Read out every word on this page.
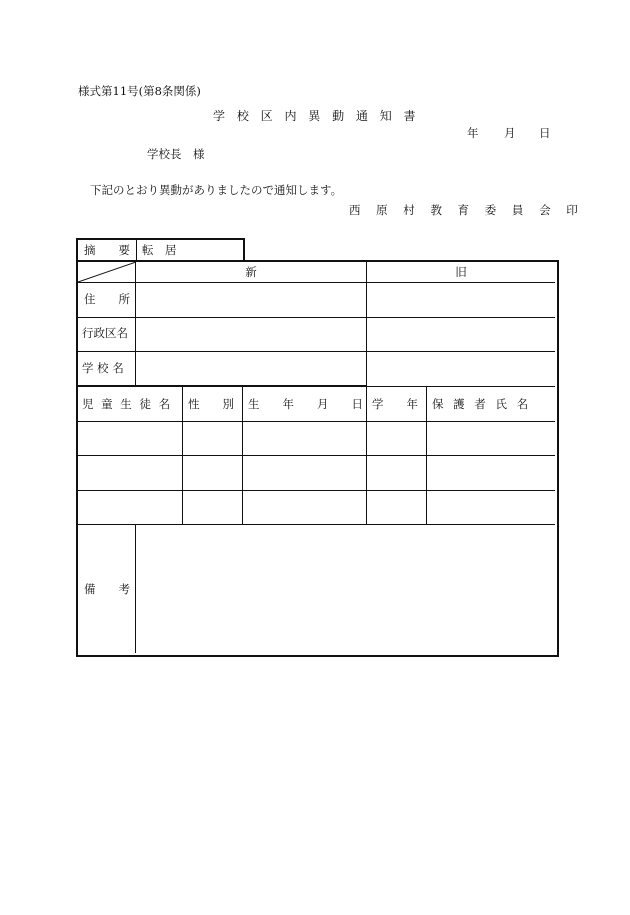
様式第11号(第8条関係)
学 校 区 内 異 動 通 知 書
年 月 日
学校長　様
下記のとおり異動がありましたので通知します。
西 原 村 教 育 委 員 会 印
摘　　要 転　居
新	旧
住　　所
行政区名
学 校 名
児 童 生 徒 名 性　　別 生　　年　　月　　日 学　　年 保 護 者 氏 名
備　　考
